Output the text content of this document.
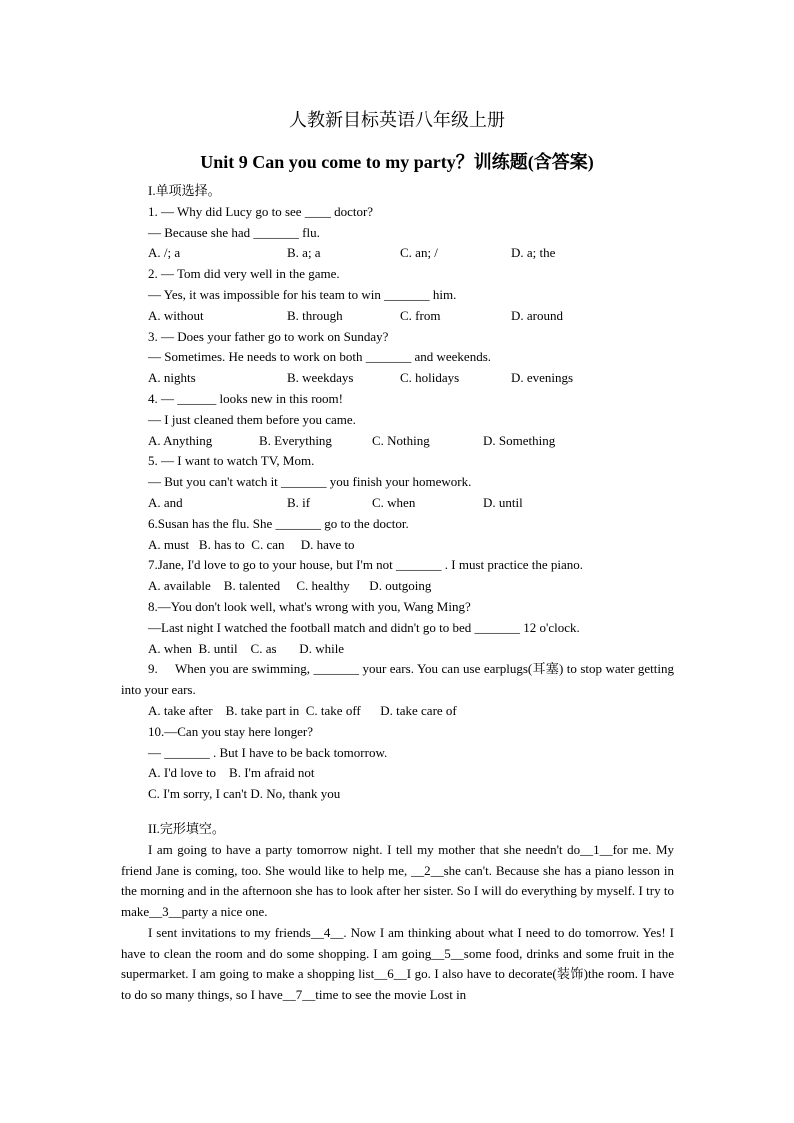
人教新目标英语八年级上册
Unit 9 Can you come to my party？训练题(含答案)
I.单项选择。
1. — Why did Lucy go to see ____ doctor?
— Because she had _______ flu.
A. /; a	B. a; a	C. an; /	D. a; the
2. — Tom did very well in the game.
— Yes, it was impossible for his team to win _______ him.
A. without	B. through	C. from	D. around
3. — Does your father go to work on Sunday?
— Sometimes. He needs to work on both _______ and weekends.
A. nights	B. weekdays	C. holidays	D. evenings
4. — ______ looks new in this room!
— I just cleaned them before you came.
A. Anything	B. Everything	C. Nothing	D. Something
5. — I want to watch TV, Mom.
— But you can't watch it _______ you finish your homework.
A. and	B. if	C. when	D. until
6.Susan has the flu. She _______ go to the doctor.
A. must   B. has to  C. can     D. have to
7.Jane, I'd love to go to your house, but I'm not _______ . I must practice the piano.
A. available    B. talented     C. healthy      D. outgoing
8.—You don't look well, what's wrong with you, Wang Ming?
—Last night I watched the football match and didn't go to bed _______ 12 o'clock.
A. when  B. until    C. as       D. while

9.     When you are swimming, _______ your ears. You can use earplugs(耳塞) to stop water getting into your ears.

A. take after    B. take part in  C. take off      D. take care of
10.—Can you stay here longer?
— _______ . But I have to be back tomorrow.
A. I'd love to    B. I'm afraid not
C. I'm sorry, I can't D. No, thank you
II.完形填空。

I am going to have a party tomorrow night. I tell my mother that she needn't do__1__for me. My friend Jane is coming, too. She would like to help me, __2__she can't. Because she has a piano lesson in the morning and in the afternoon she has to look after her sister. So I will do everything by myself. I try to make__3__party a nice one.

I sent invitations to my friends__4__. Now I am thinking about what I need to do tomorrow. Yes! I have to clean the room and do some shopping. I am going__5__some food, drinks and some fruit in the supermarket. I am going to make a shopping list__6__I go. I also have to decorate(装饰)the room. I have to do so many things, so I have__7__time to see the movie Lost in
